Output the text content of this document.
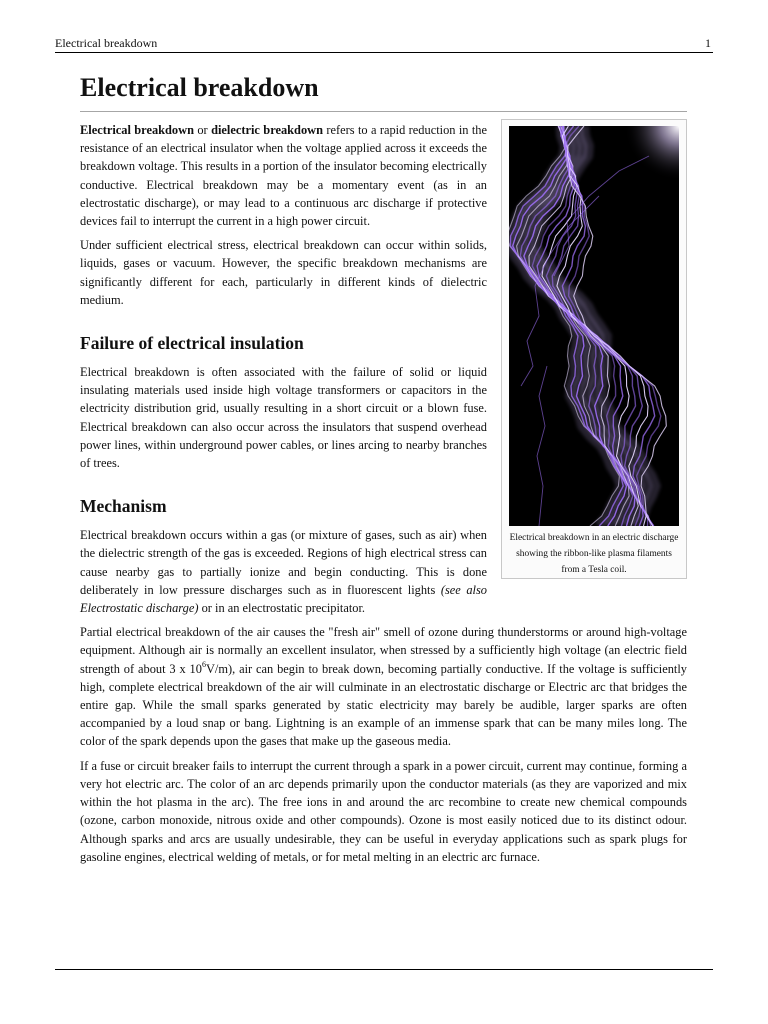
Electrical breakdown	1
Electrical breakdown
Electrical breakdown in an electric discharge showing the ribbon-like plasma filaments from a Tesla coil.

Electrical breakdown or dielectric breakdown refers to a rapid reduction in the resistance of an electrical insulator when the voltage applied across it exceeds the breakdown voltage. This results in a portion of the insulator becoming electrically conductive. Electrical breakdown may be a momentary event (as in an electrostatic discharge), or may lead to a continuous arc discharge if protective devices fail to interrupt the current in a high power circuit.

Under sufficient electrical stress, electrical breakdown can occur within solids, liquids, gases or vacuum. However, the specific breakdown mechanisms are significantly different for each, particularly in different kinds of dielectric medium.

Failure of electrical insulation

Electrical breakdown is often associated with the failure of solid or liquid insulating materials used inside high voltage transformers or capacitors in the electricity distribution grid, usually resulting in a short circuit or a blown fuse. Electrical breakdown can also occur across the insulators that suspend overhead power lines, within underground power cables, or lines arcing to nearby branches of trees.

Mechanism

Electrical breakdown occurs within a gas (or mixture of gases, such as air) when the dielectric strength of the gas is exceeded. Regions of high electrical stress can cause nearby gas to partially ionize and begin conducting. This is done deliberately in low pressure discharges such as in fluorescent lights (see also Electrostatic discharge) or in an electrostatic precipitator.

Partial electrical breakdown of the air causes the "fresh air" smell of ozone during thunderstorms or around high-voltage equipment. Although air is normally an excellent insulator, when stressed by a sufficiently high voltage (an electric field strength of about 3 x $10^6V/m$), air can begin to break down, becoming partially conductive. If the voltage is sufficiently high, complete electrical breakdown of the air will culminate in an electrostatic discharge or Electric arc that bridges the entire gap. While the small sparks generated by static electricity may barely be audible, larger sparks are often accompanied by a loud snap or bang. Lightning is an example of an immense spark that can be many miles long. The color of the spark depends upon the gases that make up the gaseous media.

If a fuse or circuit breaker fails to interrupt the current through a spark in a power circuit, current may continue, forming a very hot electric arc. The color of an arc depends primarily upon the conductor materials (as they are vaporized and mix within the hot plasma in the arc). The free ions in and around the arc recombine to create new chemical compounds (ozone, carbon monoxide, nitrous oxide and other compounds). Ozone is most easily noticed due to its distinct odour. Although sparks and arcs are usually undesirable, they can be useful in everyday applications such as spark plugs for gasoline engines, electrical welding of metals, or for metal melting in an electric arc furnace.
